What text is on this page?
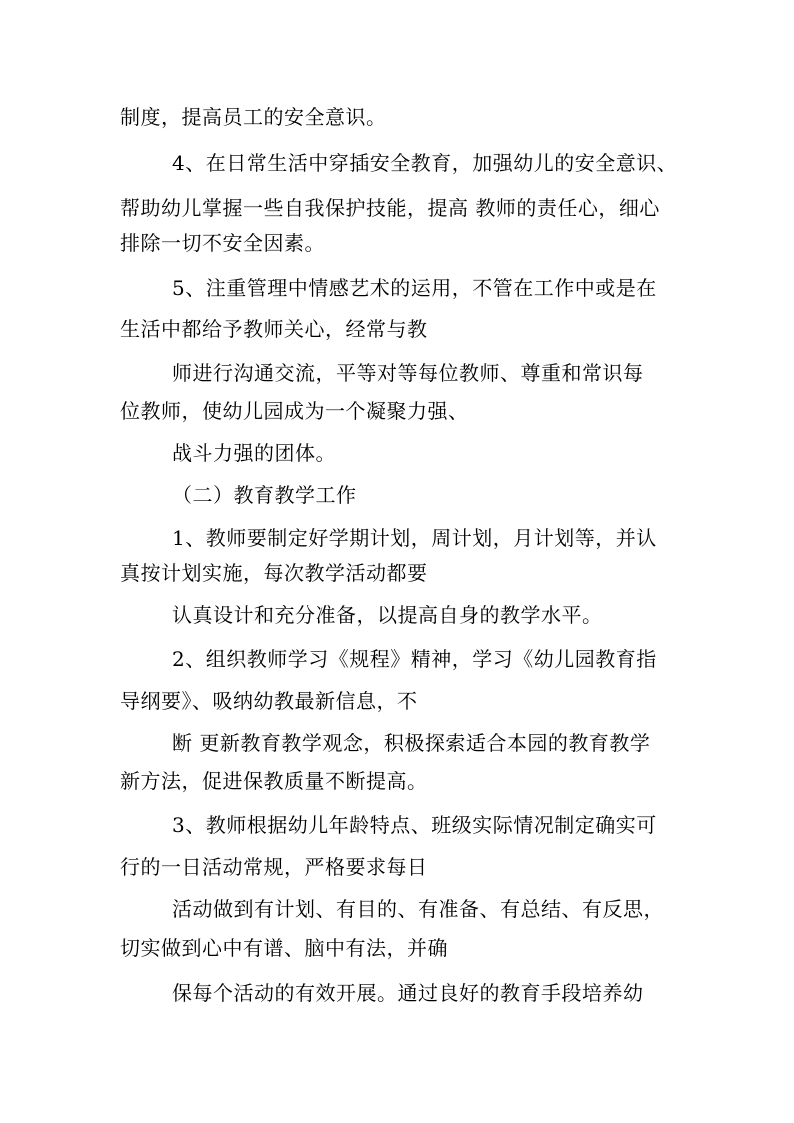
制度，提高员工的安全意识。
4、在日常生活中穿插安全教育，加强幼儿的安全意识、
帮助幼儿掌握一些自我保护技能，提高 教师的责任心，细心
排除一切不安全因素。
5、注重管理中情感艺术的运用，不管在工作中或是在
生活中都给予教师关心，经常与教
师进行沟通交流，平等对等每位教师、尊重和常识每
位教师，使幼儿园成为一个凝聚力强、
战斗力强的团体。
（二）教育教学工作
1、教师要制定好学期计划，周计划，月计划等，并认
真按计划实施，每次教学活动都要
认真设计和充分准备，以提高自身的教学水平。
2、组织教师学习《规程》精神，学习《幼儿园教育指
导纲要》、吸纳幼教最新信息，不
断 更新教育教学观念，积极探索适合本园的教育教学
新方法，促进保教质量不断提高。
3、教师根据幼儿年龄特点、班级实际情况制定确实可
行的一日活动常规，严格要求每日
活动做到有计划、有目的、有准备、有总结、有反思，
切实做到心中有谱、脑中有法，并确
保每个活动的有效开展。通过良好的教育手段培养幼
